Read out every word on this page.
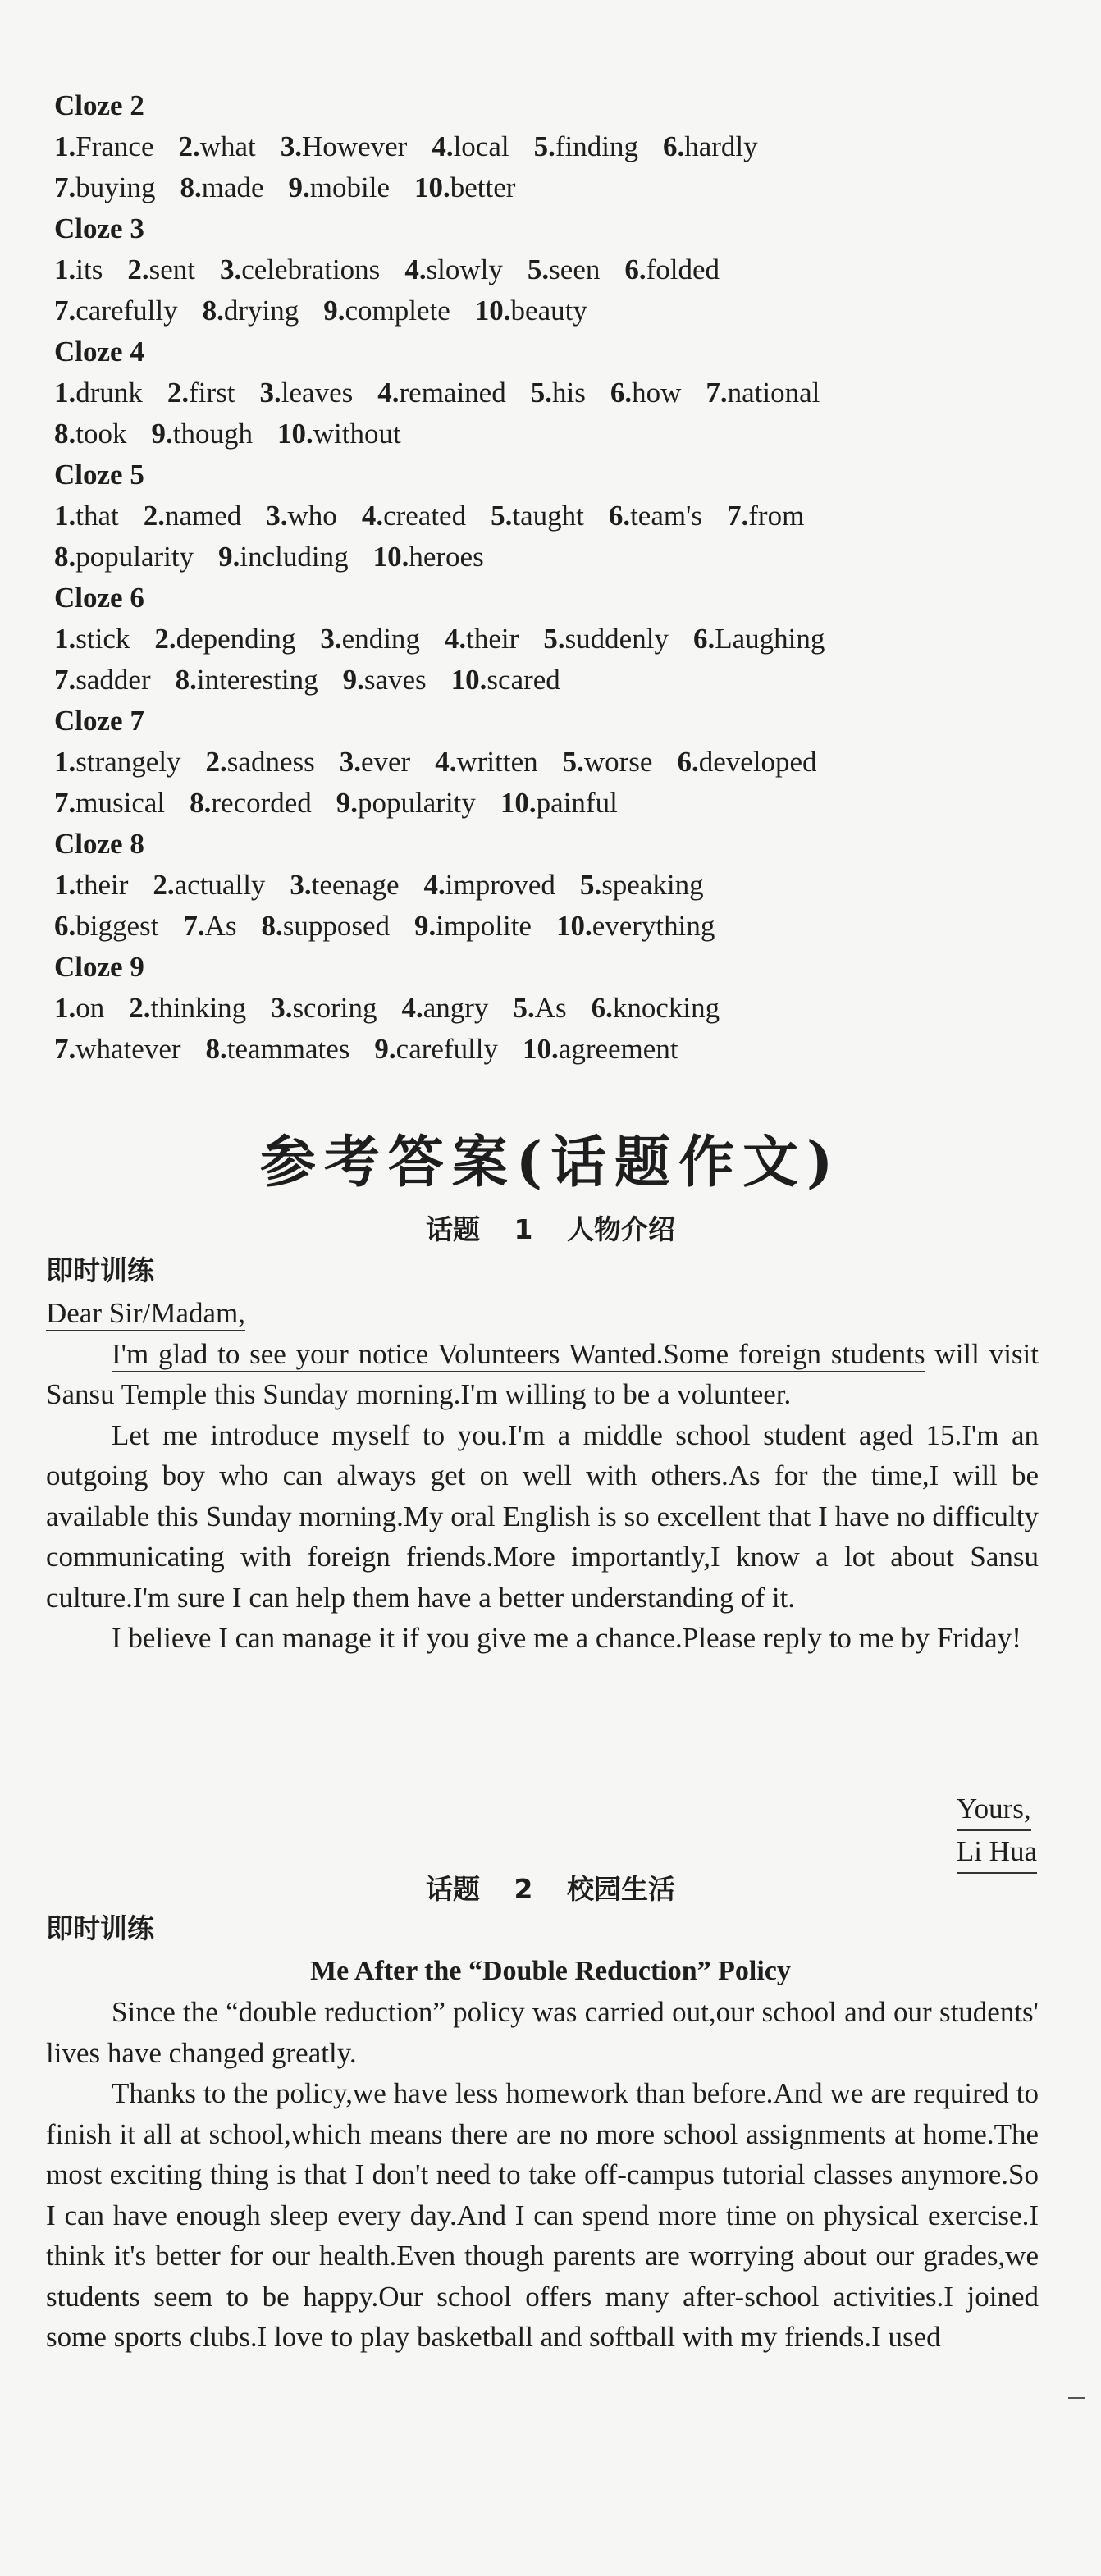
Cloze 2
1.France 2.what 3.However 4.local 5.finding 6.hardly
7.buying 8.made 9.mobile 10.better
Cloze 3
1.its 2.sent 3.celebrations 4.slowly 5.seen 6.folded
7.carefully 8.drying 9.complete 10.beauty
Cloze 4
1.drunk 2.first 3.leaves 4.remained 5.his 6.how 7.national
8.took 9.though 10.without
Cloze 5
1.that 2.named 3.who 4.created 5.taught 6.team's 7.from
8.popularity 9.including 10.heroes
Cloze 6
1.stick 2.depending 3.ending 4.their 5.suddenly 6.Laughing
7.sadder 8.interesting 9.saves 10.scared
Cloze 7
1.strangely 2.sadness 3.ever 4.written 5.worse 6.developed
7.musical 8.recorded 9.popularity 10.painful
Cloze 8
1.their 2.actually 3.teenage 4.improved 5.speaking
6.biggest 7.As 8.supposed 9.impolite 10.everything
Cloze 9
1.on 2.thinking 3.scoring 4.angry 5.As 6.knocking
7.whatever 8.teammates 9.carefully 10.agreement
参考答案(话题作文)
话题 1 人物介绍
即时训练

Dear Sir/Madam,

I'm glad to see your notice Volunteers Wanted.Some foreign students will visit Sansu Temple this Sunday morning.I'm willing to be a volunteer.

Let me introduce myself to you.I'm a middle school student aged 15.I'm an outgoing boy who can always get on well with others.As for the time,I will be available this Sunday morning.My oral English is so excellent that I have no difficulty communicating with foreign friends.More importantly,I know a lot about Sansu culture.I'm sure I can help them have a better understanding of it.

I believe I can manage it if you give me a chance.Please reply to me by Friday!

Yours,
Li Hua
话题 2 校园生活
即时训练
Me After the “Double Reduction” Policy

Since the “double reduction” policy was carried out,our school and our students' lives have changed greatly.

Thanks to the policy,we have less homework than before.And we are required to finish it all at school,which means there are no more school assignments at home.The most exciting thing is that I don't need to take off-campus tutorial classes anymore.So I can have enough sleep every day.And I can spend more time on physical exercise.I think it's better for our health.Even though parents are worrying about our grades,we students seem to be happy.Our school offers many after-school activities.I joined some sports clubs.I love to play basketball and softball with my friends.I used
